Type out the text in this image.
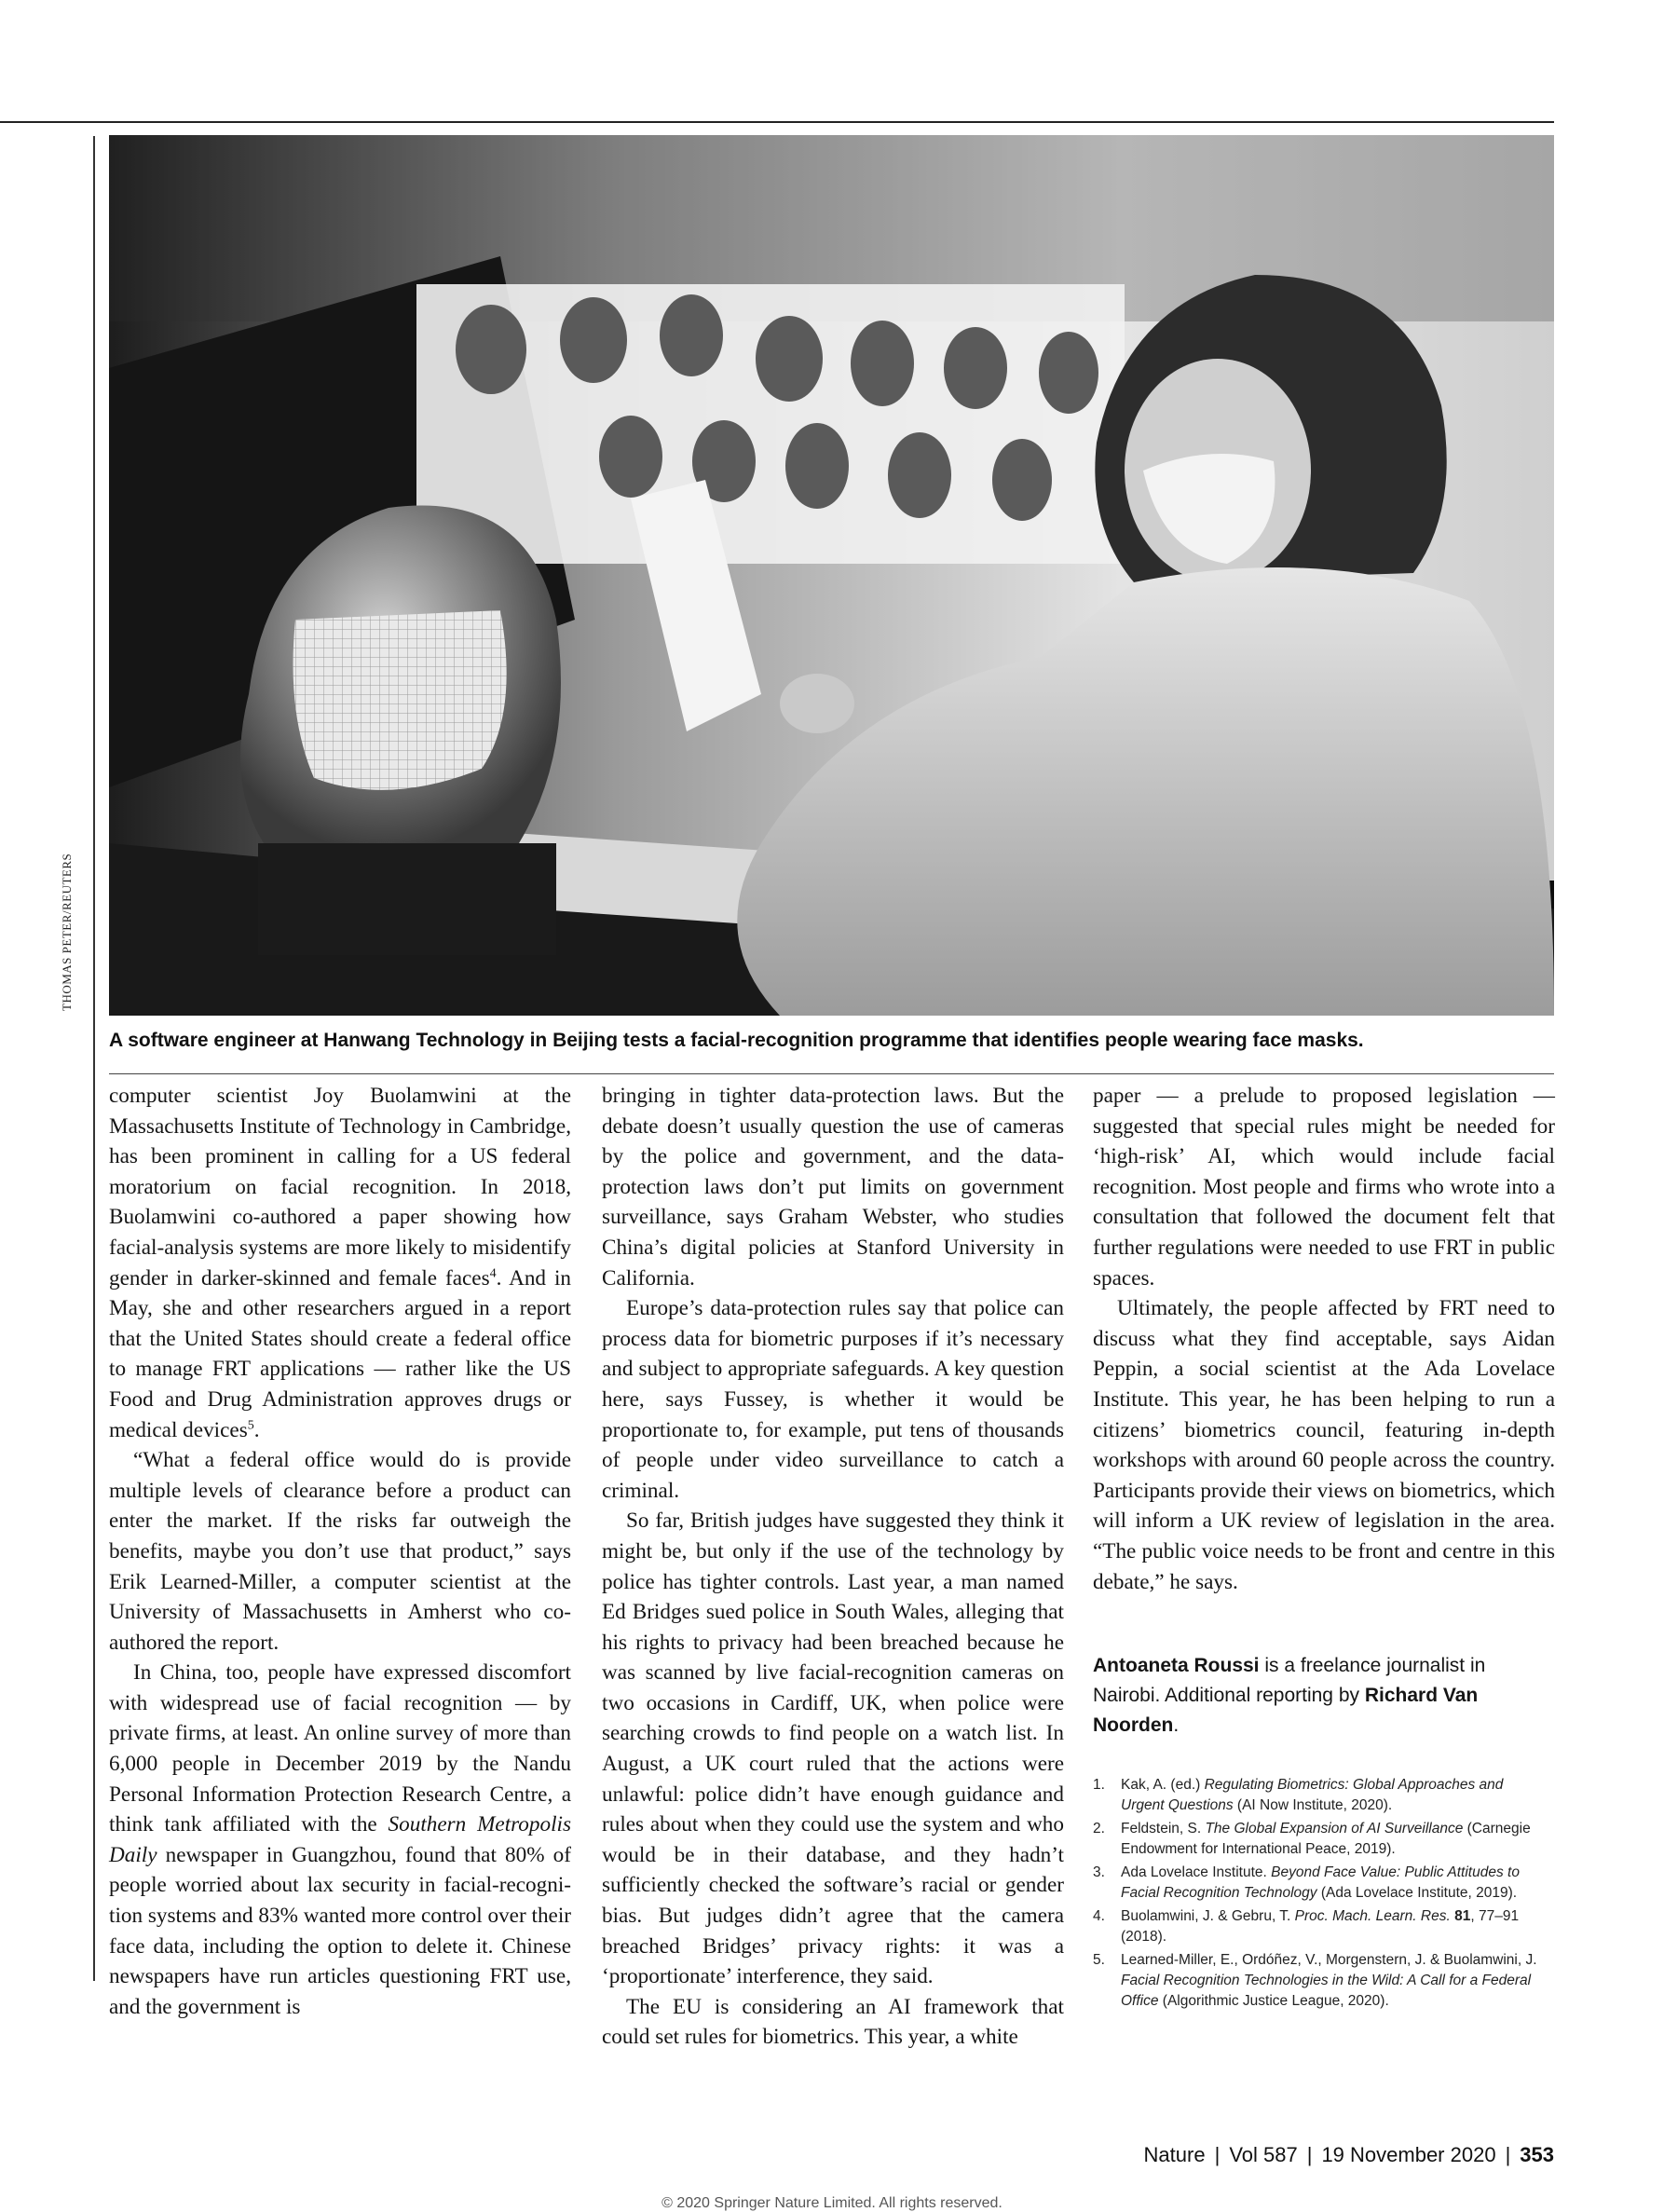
THOMAS PETER/REUTERS
A software engineer at Hanwang Technology in Beijing tests a facial-recognition programme that identifies people wearing face masks.

computer scientist Joy Buolamwini at the Massachusetts Institute of Technology in Cambridge, has been prominent in calling for a US federal moratorium on facial recognition. In 2018, Buolamwini co-authored a paper showing how facial-analysis systems are more likely to misidentify gender in darker-skinned and female faces$^4$. And in May, she and other researchers argued in a report that the United States should create a federal office to manage FRT applications — rather like the US Food and Drug Administration approves drugs or medical devices$^5$.

“What a federal office would do is provide multiple levels of clearance before a product can enter the market. If the risks far outweigh the benefits, maybe you don’t use that product,” says Erik Learned-Miller, a computer scientist at the University of Massachusetts in Amherst who co-authored the report.

In China, too, people have expressed discomfort with widespread use of facial recognition — by private firms, at least. An online survey of more than 6,000 people in December 2019 by the Nandu Personal Information Protection Research Centre, a think tank affiliated with the Southern Metropolis Daily newspaper in Guangzhou, found that 80% of people worried about lax security in facial-recognition systems and 83% wanted more control over their face data, including the option to delete it. Chinese newspapers have run articles questioning FRT use, and the government is

bringing in tighter data-protection laws. But the debate doesn’t usually question the use of cameras by the police and government, and the data-protection laws don’t put limits on government surveillance, says Graham Webster, who studies China’s digital policies at Stanford University in California.

Europe’s data-protection rules say that police can process data for biometric purposes if it’s necessary and subject to appropriate safeguards. A key question here, says Fussey, is whether it would be proportionate to, for example, put tens of thousands of people under video surveillance to catch a criminal.

So far, British judges have suggested they think it might be, but only if the use of the technology by police has tighter controls. Last year, a man named Ed Bridges sued police in South Wales, alleging that his rights to privacy had been breached because he was scanned by live facial-recognition cameras on two occasions in Cardiff, UK, when police were searching crowds to find people on a watch list. In August, a UK court ruled that the actions were unlawful: police didn’t have enough guidance and rules about when they could use the system and who would be in their database, and they hadn’t sufficiently checked the software’s racial or gender bias. But judges didn’t agree that the camera breached Bridges’ privacy rights: it was a ‘proportionate’ interference, they said.

The EU is considering an AI framework that could set rules for biometrics. This year, a white

paper — a prelude to proposed legislation — suggested that special rules might be needed for ‘high-risk’ AI, which would include facial recognition. Most people and firms who wrote into a consultation that followed the document felt that further regulations were needed to use FRT in public spaces.

Ultimately, the people affected by FRT need to discuss what they find acceptable, says Aidan Peppin, a social scientist at the Ada Lovelace Institute. This year, he has been helping to run a citizens’ biometrics council, featuring in-depth workshops with around 60 people across the country. Participants provide their views on biometrics, which will inform a UK review of legislation in the area. “The public voice needs to be front and centre in this debate,” he says.

Antoaneta Roussi is a freelance journalist in Nairobi. Additional reporting by Richard Van Noorden.
1. Kak, A. (ed.) Regulating Biometrics: Global Approaches and Urgent Questions (AI Now Institute, 2020).
2. Feldstein, S. The Global Expansion of AI Surveillance (Carnegie Endowment for International Peace, 2019).
3. Ada Lovelace Institute. Beyond Face Value: Public Attitudes to Facial Recognition Technology (Ada Lovelace Institute, 2019).
4. Buolamwini, J. & Gebru, T. Proc. Mach. Learn. Res. 81, 77–91 (2018).
5. Learned-Miller, E., Ordóñez, V., Morgenstern, J. & Buolamwini, J. Facial Recognition Technologies in the Wild: A Call for a Federal Office (Algorithmic Justice League, 2020).
Nature | Vol 587 | 19 November 2020 | 353
© 2020 Springer Nature Limited. All rights reserved.
